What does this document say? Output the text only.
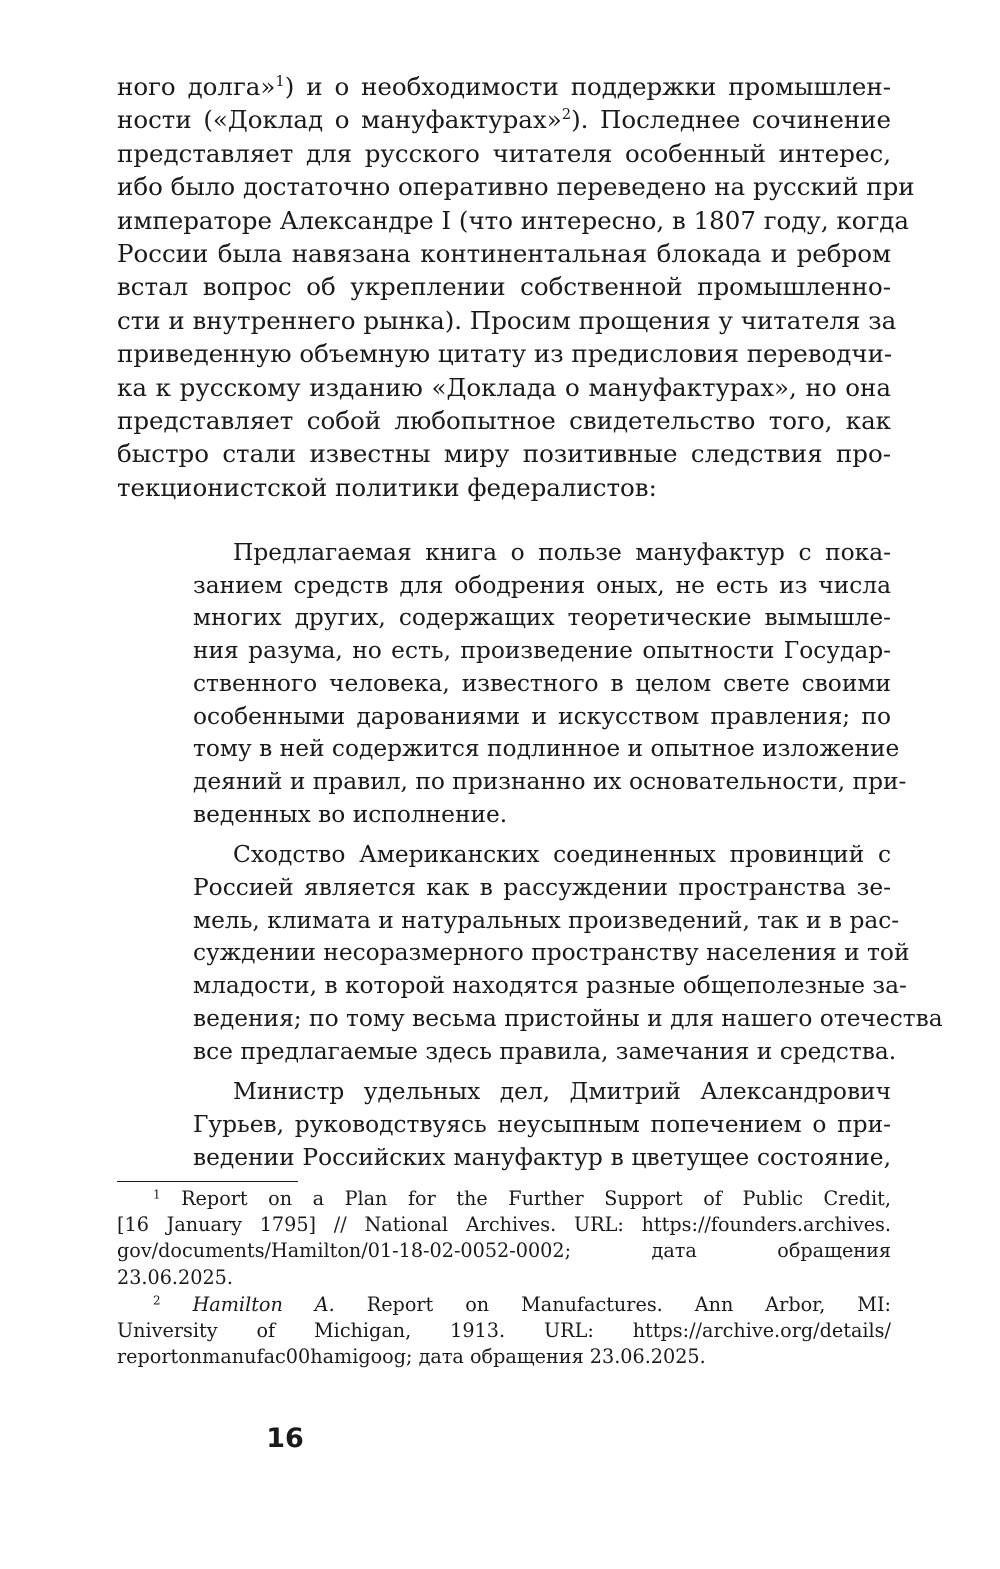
ного долга»$^1$) и о необходимости поддержки промышлен-
ности («Доклад о мануфактурах»$^2$). Последнее сочинение
представляет для русского читателя особенный интерес,
ибо было достаточно оперативно переведено на русский при
императоре Александре I (что интересно, в 1807 году, когда
России была навязана континентальная блокада и ребром
встал вопрос об укреплении собственной промышленно-
сти и внутреннего рынка). Просим прощения у читателя за
приведенную объемную цитату из предисловия переводчи-
ка к русскому изданию «Доклада о мануфактурах», но она
представляет собой любопытное свидетельство того, как
быстро стали известны миру позитивные следствия про-
текционистской политики федералистов:
Предлагаемая книга о пользе мануфактур с пока-
занием средств для ободрения оных, не есть из числа
многих других, содержащих теоретические вымышле-
ния разума, но есть, произведение опытности Государ-
ственного человека, известного в целом свете своими
особенными дарованиями и искусством правления; по
тому в ней содержится подлинное и опытное изложение
деяний и правил, по признанно их основательности, при-
веденных во исполнение.
Сходство Американских соединенных провинций с
Россией является как в рассуждении пространства зе-
мель, климата и натуральных произведений, так и в рас-
суждении несоразмерного пространству населения и той
младости, в которой находятся разные общеполезные за-
ведения; по тому весьма пристойны и для нашего отечества
все предлагаемые здесь правила, замечания и средства.
Министр удельных дел, Дмитрий Александрович
Гурьев, руководствуясь неусыпным попечением о при-
ведении Российских мануфактур в цветущее состояние,
$^1$ Report on a Plan for the Further Support of Public Credit,
[16 January 1795] // National Archives. URL: https://founders.archives.
gov/documents/Hamilton/01-18-02-0052-0002; дата обращения
23.06.2025.
$^2$ Hamilton A. Report on Manufactures. Ann Arbor, MI:
University of Michigan, 1913. URL: https://archive.org/details/
reportonmanufac00hamigoog; дата обращения 23.06.2025.
16
